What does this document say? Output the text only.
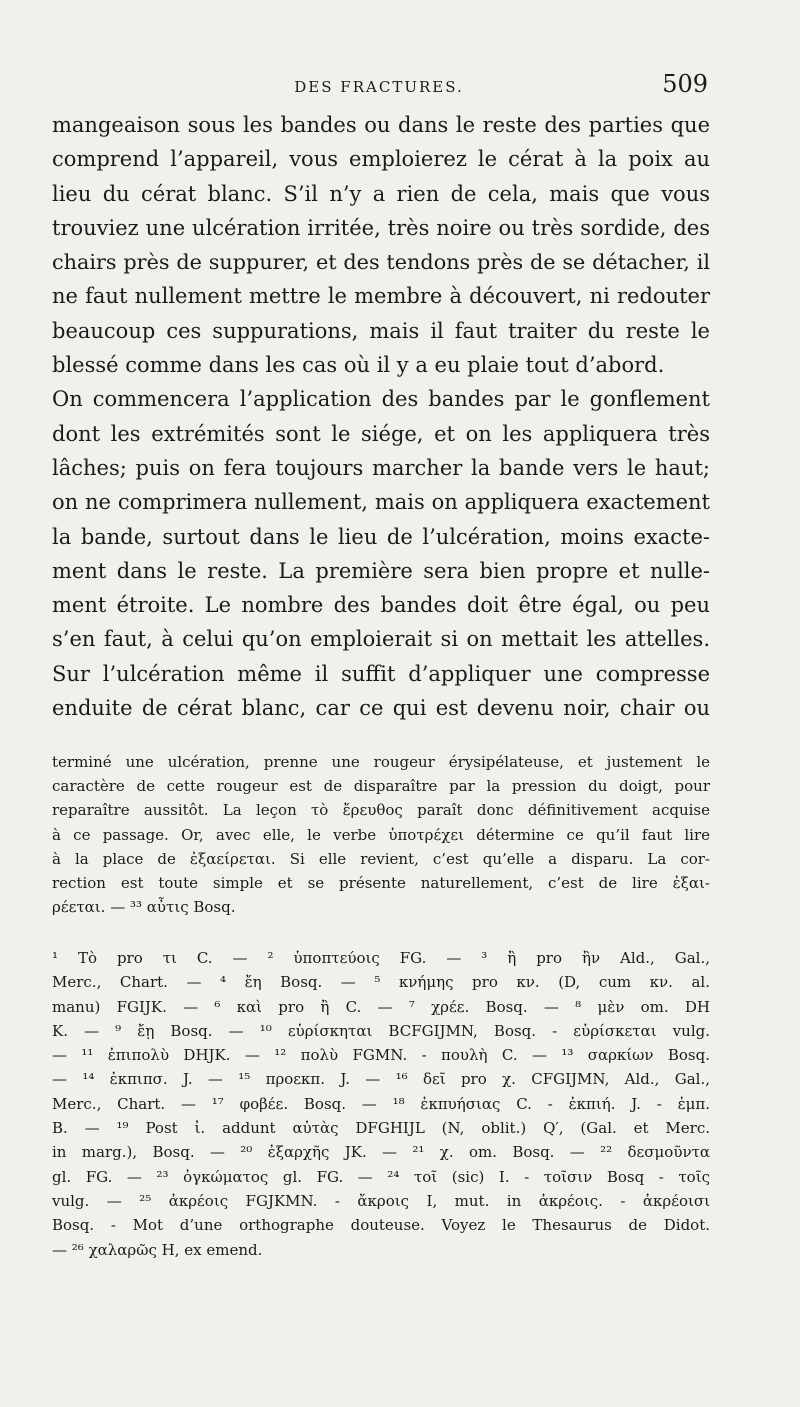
DES FRACTURES.	509
mangeaison sous les bandes ou dans le reste des parties que
comprend l’appareil, vous emploierez le cérat à la poix au
lieu du cérat blanc. S’il n’y a rien de cela, mais que vous
trouviez une ulcération irritée, très noire ou très sordide, des
chairs près de suppurer, et des tendons près de se détacher, il
ne faut nullement mettre le membre à découvert, ni redouter
beaucoup ces suppurations, mais il faut traiter du reste le
blessé comme dans les cas où il y a eu plaie tout d’abord.
On commencera l’application des bandes par le gonflement
dont les extrémités sont le siége, et on les appliquera très
lâches; puis on fera toujours marcher la bande vers le haut;
on ne comprimera nullement, mais on appliquera exactement
la bande, surtout dans le lieu de l’ulcération, moins exacte-
ment dans le reste. La première sera bien propre et nulle-
ment étroite. Le nombre des bandes doit être égal, ou peu
s’en faut, à celui qu’on emploierait si on mettait les attelles.
Sur l’ulcération même il suffit d’appliquer une compresse
enduite de cérat blanc, car ce qui est devenu noir, chair ou
terminé une ulcération, prenne une rougeur érysipélateuse, et justement le
caractère de cette rougeur est de disparaître par la pression du doigt, pour
reparaître aussitôt. La leçon τὸ ἔρευθος paraît donc définitivement acquise
à ce passage. Or, avec elle, le verbe ὑποτρέχει détermine ce qu’il faut lire
à la place de ἐξαείρεται. Si elle revient, c’est qu’elle a disparu. La cor-
rection est toute simple et se présente naturellement, c’est de lire ἐξαι-
ρέεται. — ³³ αὖτις Bosq.
¹ Τὸ pro τι C. — ² ὑποπτεύοις FG. — ³ ἢ pro ἢν Ald., Gal.,
Merc., Chart. — ⁴ ἔη Bosq. — ⁵ κνήμης pro κν. (D, cum κν. al.
manu) FGIJK. — ⁶ καὶ pro ἢ C. — ⁷ χρέε. Bosq. — ⁸ μὲν om. DH
K. — ⁹ ἔῃ Bosq. — ¹⁰ εὑρίσκηται BCFGIJMN, Bosq. - εὑρίσκεται vulg.
— ¹¹ ἐπιπολὺ DHJK. — ¹² πολὺ FGMN. - πουλὴ C. — ¹³ σαρκίων Bosq.
— ¹⁴ ἐκπιπσ. J. — ¹⁵ προεκπ. J. — ¹⁶ δεῖ pro χ. CFGIJMN, Ald., Gal.,
Merc., Chart. — ¹⁷ φοβέε. Bosq. — ¹⁸ ἐκπυήσιας C. - ἐκπιή. J. - ἐμπ.
B. — ¹⁹ Post ἰ. addunt αὐτὰς DFGHIJL (N, oblit.) Q′, (Gal. et Merc.
in marg.), Bosq. — ²⁰ ἐξαρχῆς JK. — ²¹ χ. om. Bosq. — ²² δεσμοῦντα
gl. FG. — ²³ ὀγκώματος gl. FG. — ²⁴ τοῖ (sic) I. - τοῖσιν Bosq - τοῖς
vulg. — ²⁵ ἀκρέοις FGJKMN. - ἄκροις I, mut. in ἀκρέοις. - ἀκρέοισι
Bosq. - Mot d’une orthographe douteuse. Voyez le Thesaurus de Didot.
— ²⁶ χαλαρῶς H, ex emend.
